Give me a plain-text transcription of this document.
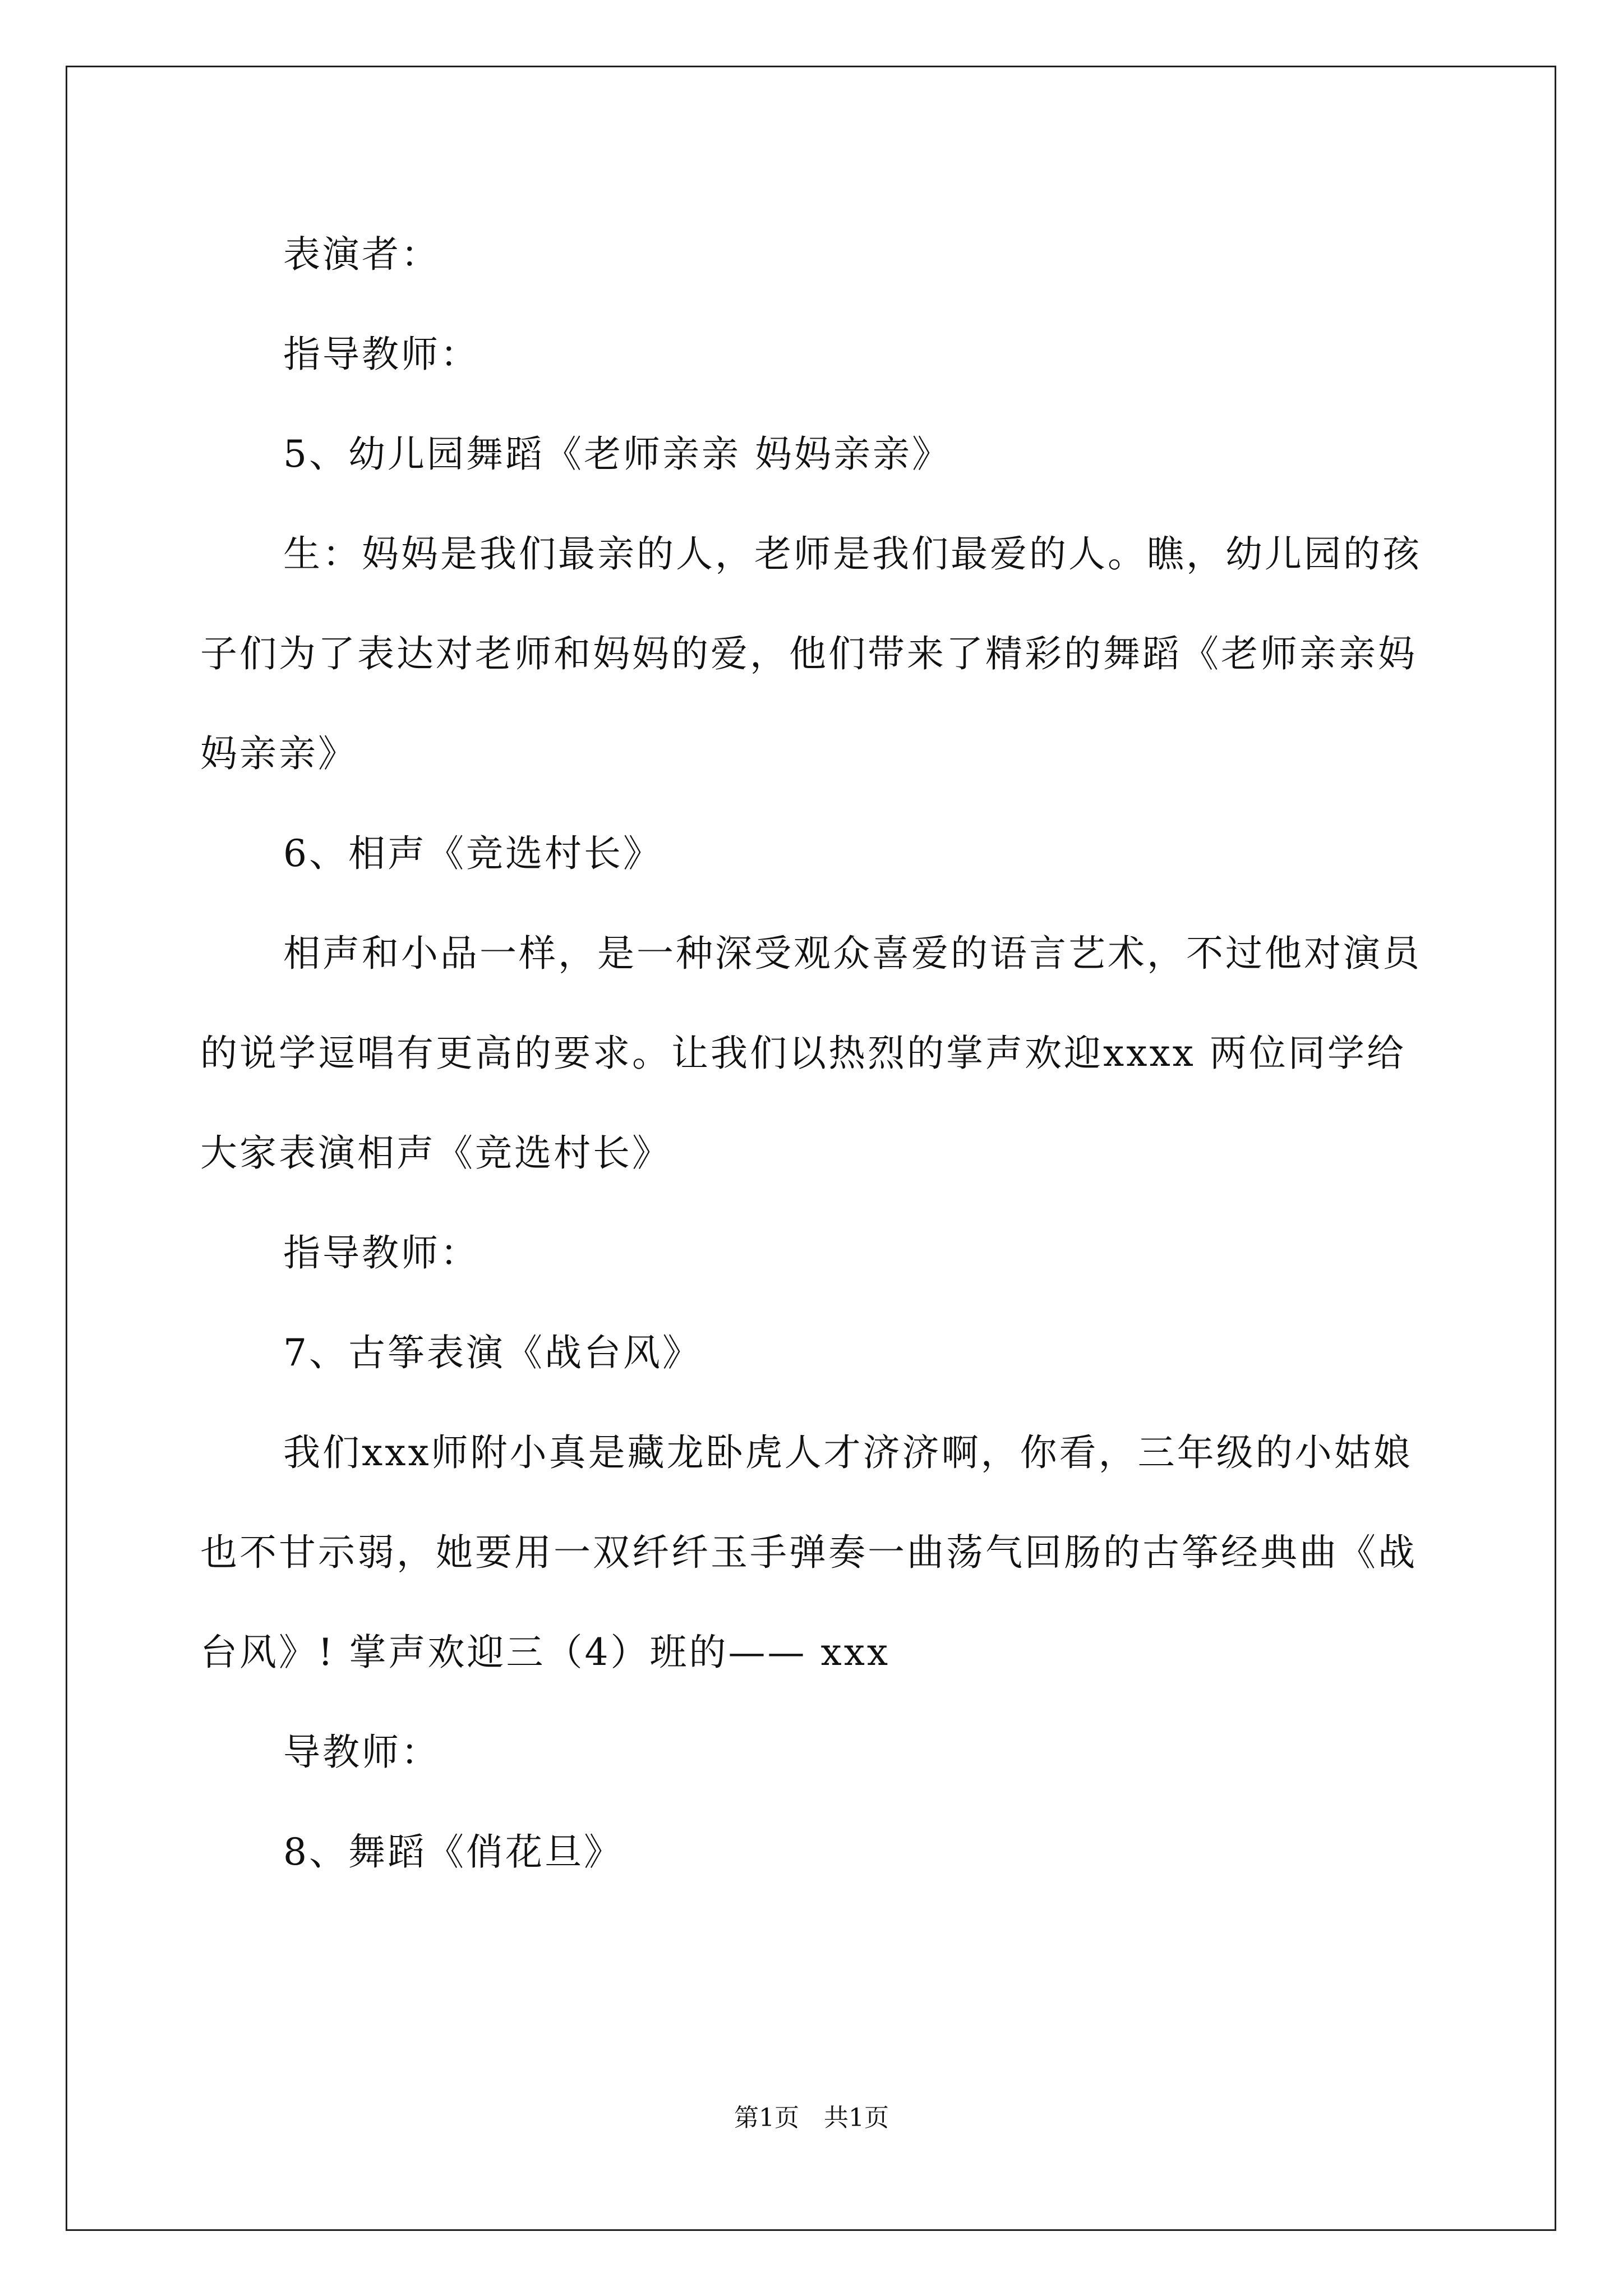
表演者：

指导教师：

5、幼儿园舞蹈《老师亲亲 妈妈亲亲》

生：妈妈是我们最亲的人，老师是我们最爱的人。瞧，幼儿园的孩子们为了表达对老师和妈妈的爱，他们带来了精彩的舞蹈《老师亲亲妈妈亲亲》

6、相声《竞选村长》

相声和小品一样，是一种深受观众喜爱的语言艺术，不过他对演员的说学逗唱有更高的要求。让我们以热烈的掌声欢迎xxxx 两位同学给大家表演相声《竞选村长》

指导教师：

7、古筝表演《战台风》

我们xxx师附小真是藏龙卧虎人才济济啊，你看，三年级的小姑娘也不甘示弱，她要用一双纤纤玉手弹奏一曲荡气回肠的古筝经典曲《战台风》! 掌声欢迎三（4）班的—— xxx

导教师：

8、舞蹈《俏花旦》

第1页　共1页
